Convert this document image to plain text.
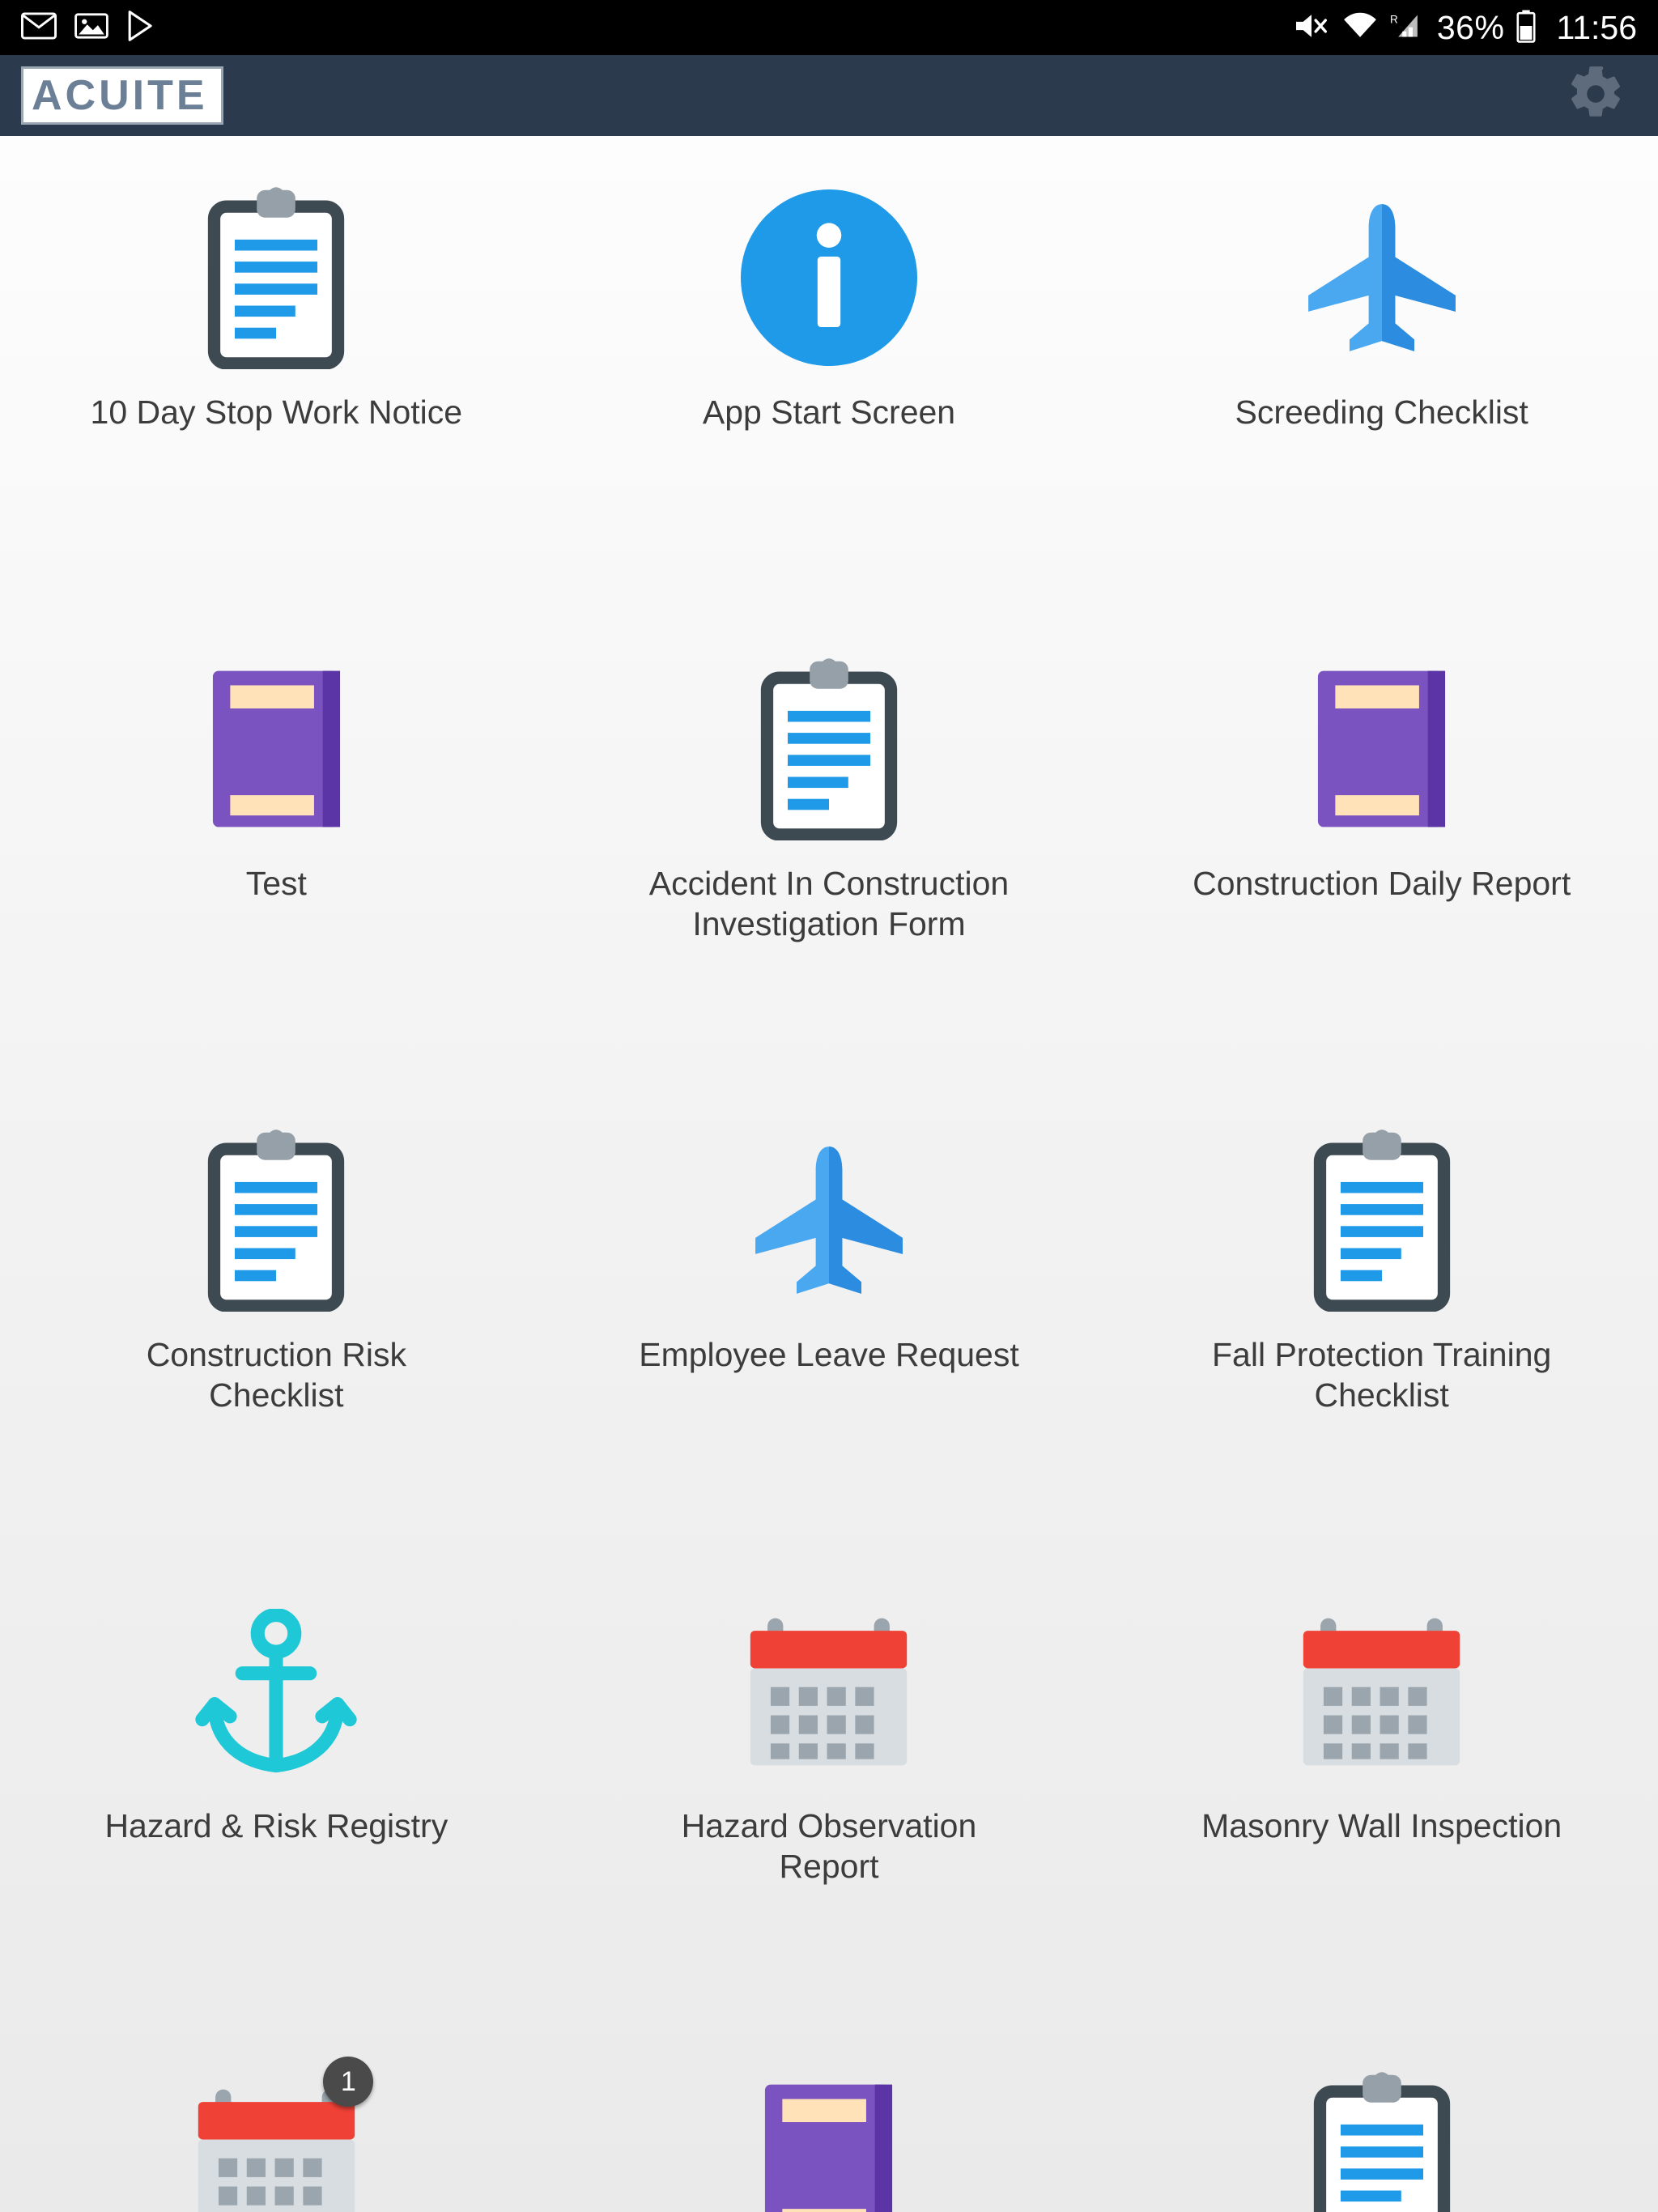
R 36% 11:56
ACUITE
10 Day Stop Work Notice	App Start Screen	Screeding Checklist
Test	Accident In Construction Investigation Form
Construction Daily Report
Construction Risk Checklist
Employee Leave Request	Fall Protection Training Checklist
Hazard & Risk Registry	Hazard Observation Report
Masonry Wall Inspection
1
